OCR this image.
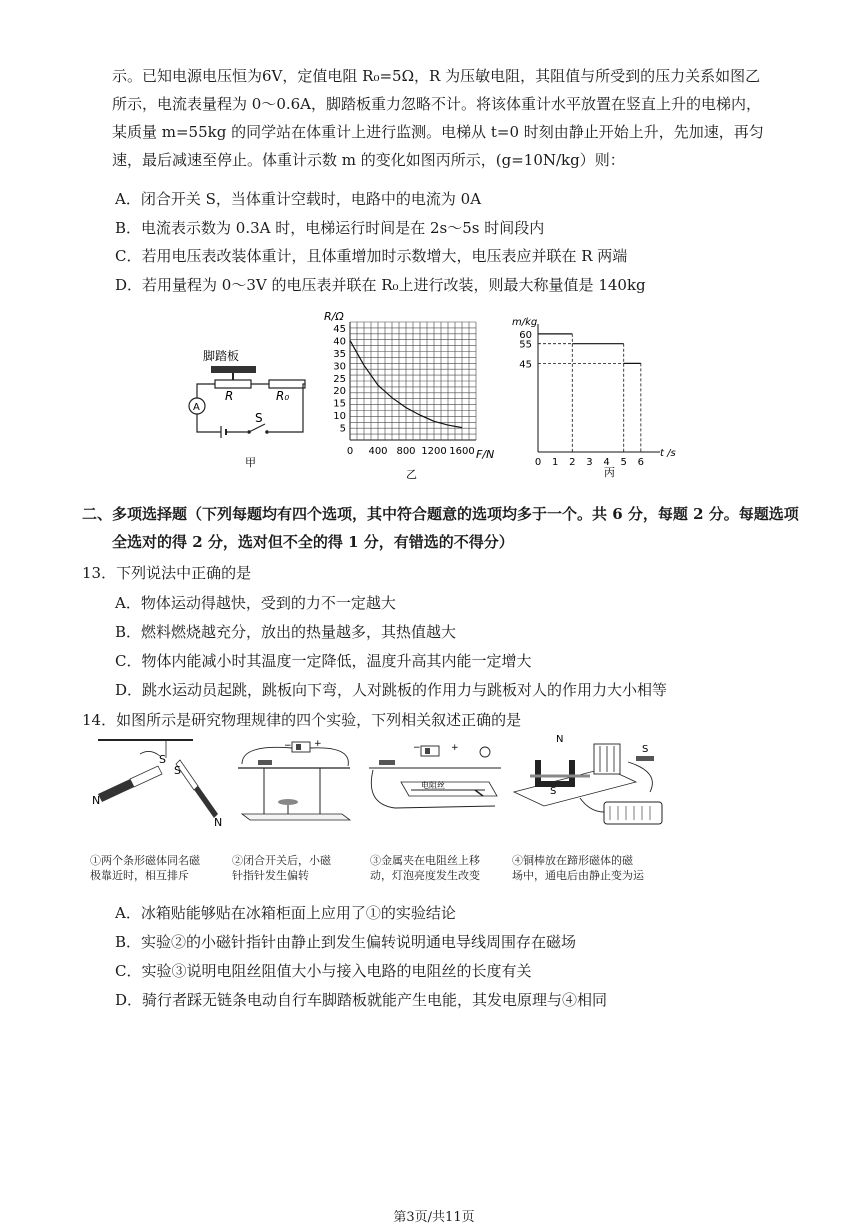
示。已知电源电压恒为6V，定值电阻 R₀=5Ω，R 为压敏电阻，其阻值与所受到的压力关系如图乙所示，电流表量程为 0～0.6A，脚踏板重力忽略不计。将该体重计水平放置在竖直上升的电梯内，某质量 m=55kg 的同学站在体重计上进行监测。电梯从 t=0 时刻由静止开始上升，先加速，再匀速，最后减速至停止。体重计示数 m 的变化如图丙所示，(g=10N/kg）则：
A．闭合开关 S，当体重计空载时，电路中的电流为 0A
B．电流表示数为 0.3A 时，电梯运行时间是在 2s～5s 时间段内
C．若用电压表改装体重计，且体重增加时示数增大，电压表应并联在 R 两端
D．若用量程为 0～3V 的电压表并联在 R₀上进行改装，则最大称量值是 140kg
脚踏板
R	R₀
A
S
甲
R/Ω
45
40
35
30
25
20
15
10
5
0 400 800 1200 1600 F/N
乙
m/kg
60
55
45
0 1 2 3 4 5 6
t /s
丙
二、多项选择题（下列每题均有四个选项，其中符合题意的选项均多于一个。共 6 分，每题 2 分。每题选项
全选对的得 2 分，选对但不全的得 1 分，有错选的不得分）
13．下列说法中正确的是
A．物体运动得越快，受到的力不一定越大
B．燃料燃烧越充分，放出的热量越多，其热值越大
C．物体内能减小时其温度一定降低，温度升高其内能一定增大
D．跳水运动员起跳，跳板向下弯，人对跳板的作用力与跳板对人的作用力大小相等
14．如图所示是研究物理规律的四个实验，下列相关叙述正确的是
S
S
N
N
− +	−	+
电阻丝
N
S
S
①两个条形磁体同名磁
极靠近时，相互排斥
②闭合开关后，小磁
针指针发生偏转
③金属夹在电阻丝上移
动，灯泡亮度发生改变
④铜棒放在蹄形磁体的磁
场中，通电后由静止变为运
A．冰箱贴能够贴在冰箱柜面上应用了①的实验结论
B．实验②的小磁针指针由静止到发生偏转说明通电导线周围存在磁场
C．实验③说明电阻丝阻值大小与接入电路的电阻丝的长度有关
D．骑行者踩无链条电动自行车脚踏板就能产生电能，其发电原理与④相同
第3页/共11页
